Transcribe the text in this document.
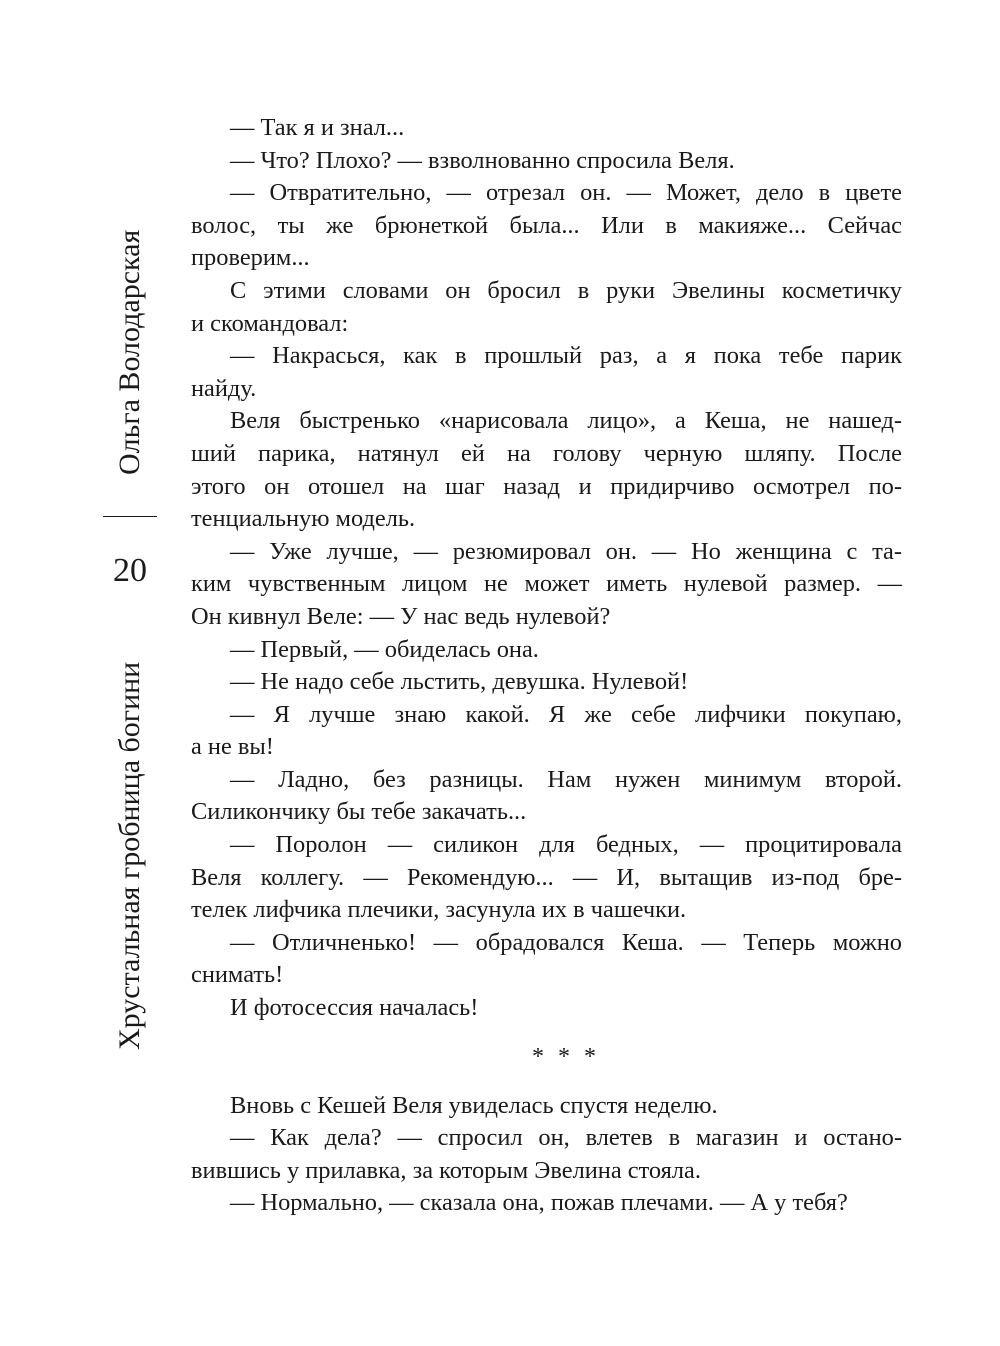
Ольга Володарская
20
Хрустальная гробница богини
— Так я и знал...
— Что? Плохо? — взволнованно спросила Веля.
— Отвратительно, — отрезал он. — Может, дело в цвете
волос, ты же брюнеткой была... Или в макияже... Сейчас
проверим...
С этими словами он бросил в руки Эвелины косметичку
и скомандовал:
— Накрасься, как в прошлый раз, а я пока тебе парик
найду.
Веля быстренько «нарисовала лицо», а Кеша, не нашед-
ший парика, натянул ей на голову черную шляпу. После
этого он отошел на шаг назад и придирчиво осмотрел по-
тенциальную модель.
— Уже лучше, — резюмировал он. — Но женщина с та-
ким чувственным лицом не может иметь нулевой размер. —
Он кивнул Веле: — У нас ведь нулевой?
— Первый, — обиделась она.
— Не надо себе льстить, девушка. Нулевой!
— Я лучше знаю какой. Я же себе лифчики покупаю,
а не вы!
— Ладно, без разницы. Нам нужен минимум второй.
Силикончику бы тебе закачать...
— Поролон — силикон для бедных, — процитировала
Веля коллегу. — Рекомендую... — И, вытащив из-под бре-
телек лифчика плечики, засунула их в чашечки.
— Отличненько! — обрадовался Кеша. — Теперь можно
снимать!
И фотосессия началась!
* * *
Вновь с Кешей Веля увиделась спустя неделю.
— Как дела? — спросил он, влетев в магазин и остано-
вившись у прилавка, за которым Эвелина стояла.
— Нормально, — сказала она, пожав плечами. — А у тебя?
